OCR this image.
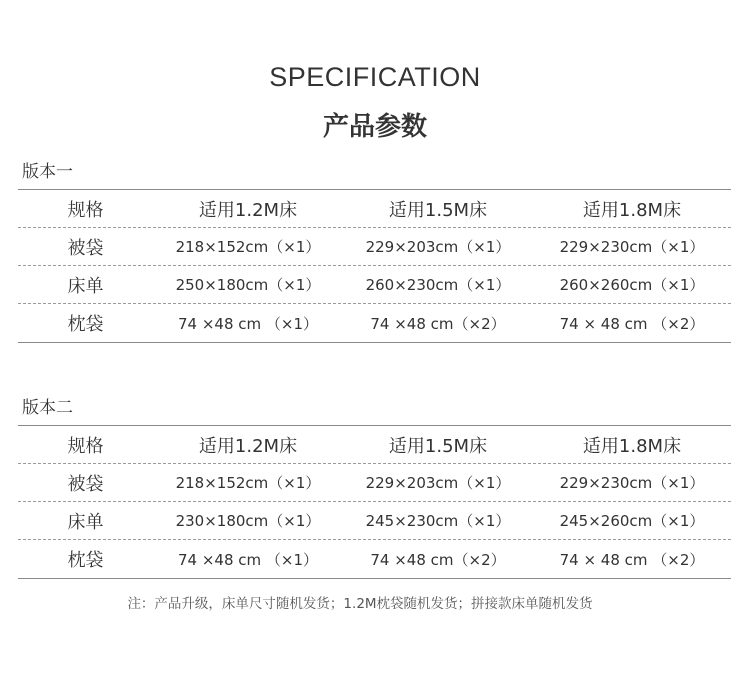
SPECIFICATION
产品参数
版本一
规格	适用1.2M床	适用1.5M床	适用1.8M床
被袋	218×152cm（×1）	229×203cm（×1）	229×230cm（×1）
床单	250×180cm（×1）	260×230cm（×1）	260×260cm（×1）
枕袋	74 ×48 cm （×1）	74 ×48 cm（×2）	74 × 48 cm （×2）
版本二
规格	适用1.2M床	适用1.5M床	适用1.8M床
被袋	218×152cm（×1）	229×203cm（×1）	229×230cm（×1）
床单	230×180cm（×1）	245×230cm（×1）	245×260cm（×1）
枕袋	74 ×48 cm （×1）	74 ×48 cm（×2）	74 × 48 cm （×2）
注：产品升级，床单尺寸随机发货；1.2M枕袋随机发货；拼接款床单随机发货
